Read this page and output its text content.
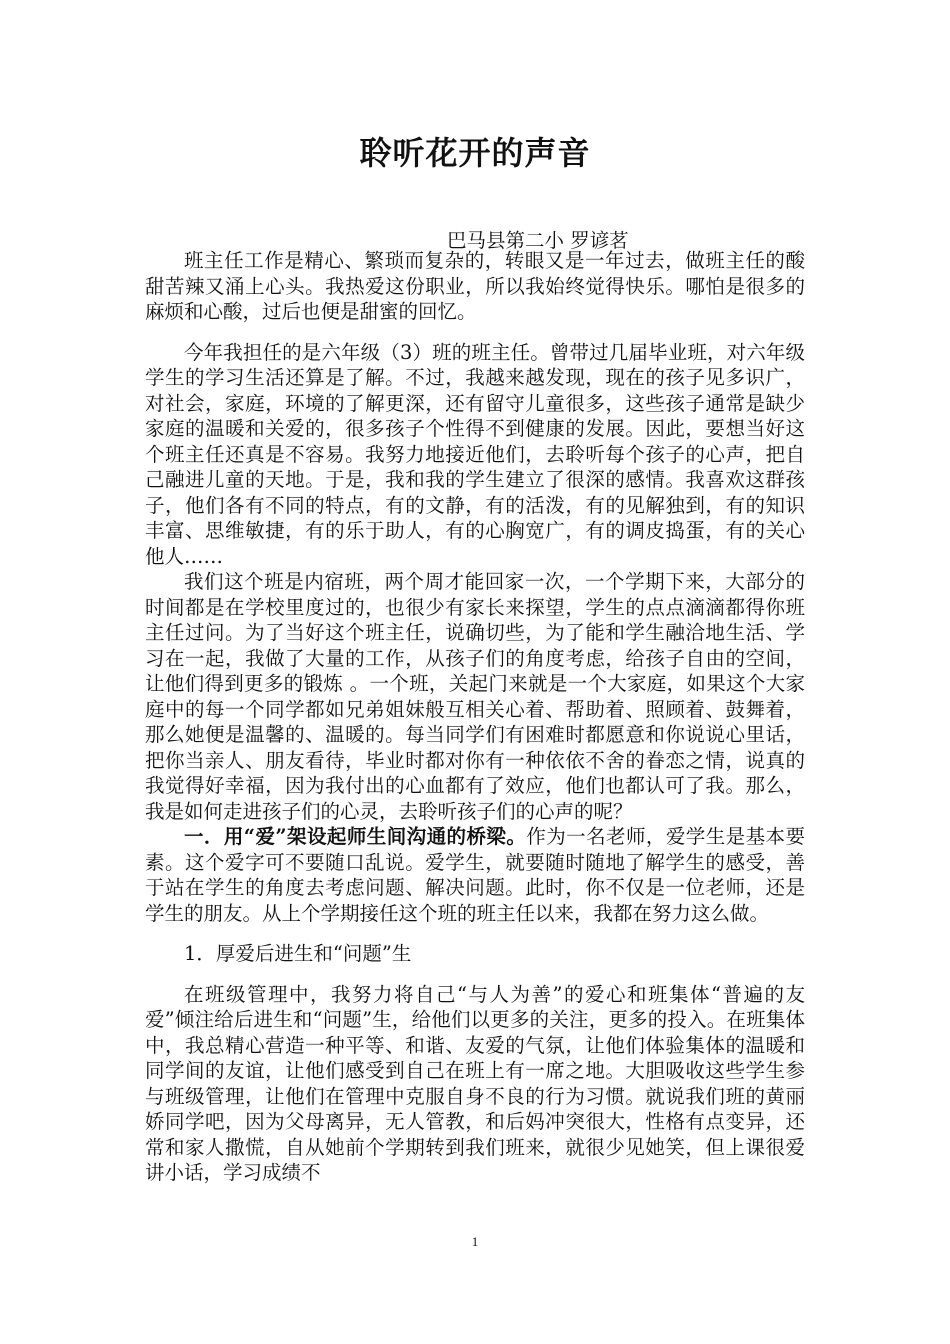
聆听花开的声音
巴马县第二小 罗谚茗

班主任工作是精心、繁琐而复杂的，转眼又是一年过去，做班主任的酸甜苦辣又涌上心头。我热爱这份职业，所以我始终觉得快乐。哪怕是很多的麻烦和心酸，过后也便是甜蜜的回忆。

今年我担任的是六年级（3）班的班主任。曾带过几届毕业班，对六年级学生的学习生活还算是了解。不过，我越来越发现，现在的孩子见多识广，对社会，家庭，环境的了解更深，还有留守儿童很多，这些孩子通常是缺少家庭的温暖和关爱的，很多孩子个性得不到健康的发展。因此，要想当好这个班主任还真是不容易。我努力地接近他们，去聆听每个孩子的心声，把自己融进儿童的天地。于是，我和我的学生建立了很深的感情。我喜欢这群孩子，他们各有不同的特点，有的文静，有的活泼，有的见解独到，有的知识丰富、思维敏捷，有的乐于助人，有的心胸宽广，有的调皮捣蛋，有的关心他人……

我们这个班是内宿班，两个周才能回家一次，一个学期下来，大部分的时间都是在学校里度过的，也很少有家长来探望，学生的点点滴滴都得你班主任过问。为了当好这个班主任，说确切些，为了能和学生融洽地生活、学习在一起，我做了大量的工作，从孩子们的角度考虑，给孩子自由的空间，让他们得到更多的锻炼 。一个班，关起门来就是一个大家庭，如果这个大家庭中的每一个同学都如兄弟姐妹般互相关心着、帮助着、照顾着、鼓舞着，那么她便是温馨的、温暖的。每当同学们有困难时都愿意和你说说心里话，把你当亲人、朋友看待，毕业时都对你有一种依依不舍的眷恋之情，说真的我觉得好幸福，因为我付出的心血都有了效应，他们也都认可了我。那么，我是如何走进孩子们的心灵，去聆听孩子们的心声的呢？

一．用“爱”架设起师生间沟通的桥梁。作为一名老师，爱学生是基本要素。这个爱字可不要随口乱说。爱学生，就要随时随地了解学生的感受，善于站在学生的角度去考虑问题、解决问题。此时，你不仅是一位老师，还是学生的朋友。从上个学期接任这个班的班主任以来，我都在努力这么做。

1．厚爱后进生和“问题”生

在班级管理中，我努力将自己“与人为善”的爱心和班集体“普遍的友爱”倾注给后进生和“问题”生，给他们以更多的关注，更多的投入。在班集体中，我总精心营造一种平等、和谐、友爱的气氛，让他们体验集体的温暖和同学间的友谊，让他们感受到自己在班上有一席之地。大胆吸收这些学生参与班级管理，让他们在管理中克服自身不良的行为习惯。就说我们班的黄丽娇同学吧，因为父母离异，无人管教，和后妈冲突很大，性格有点变异，还常和家人撒慌，自从她前个学期转到我们班来，就很少见她笑，但上课很爱讲小话，学习成绩不

1
